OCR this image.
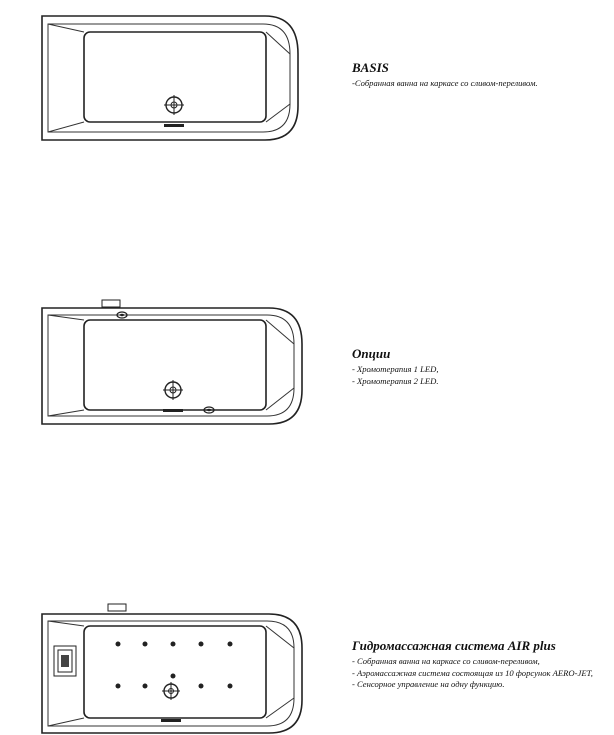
BASIS

-Собранная ванна на каркасе со сливом-переливом.

Опции

- Хромотерапия 1 LED,

- Хромотерапия 2 LED.

Гидромассажная система AIR plus

- Собранная ванна на каркасе со сливом-переливом,

- Аэромассажная система состоящая из 10 форсунок AERO-JET,

- Сенсорное управление на одну функцию.
